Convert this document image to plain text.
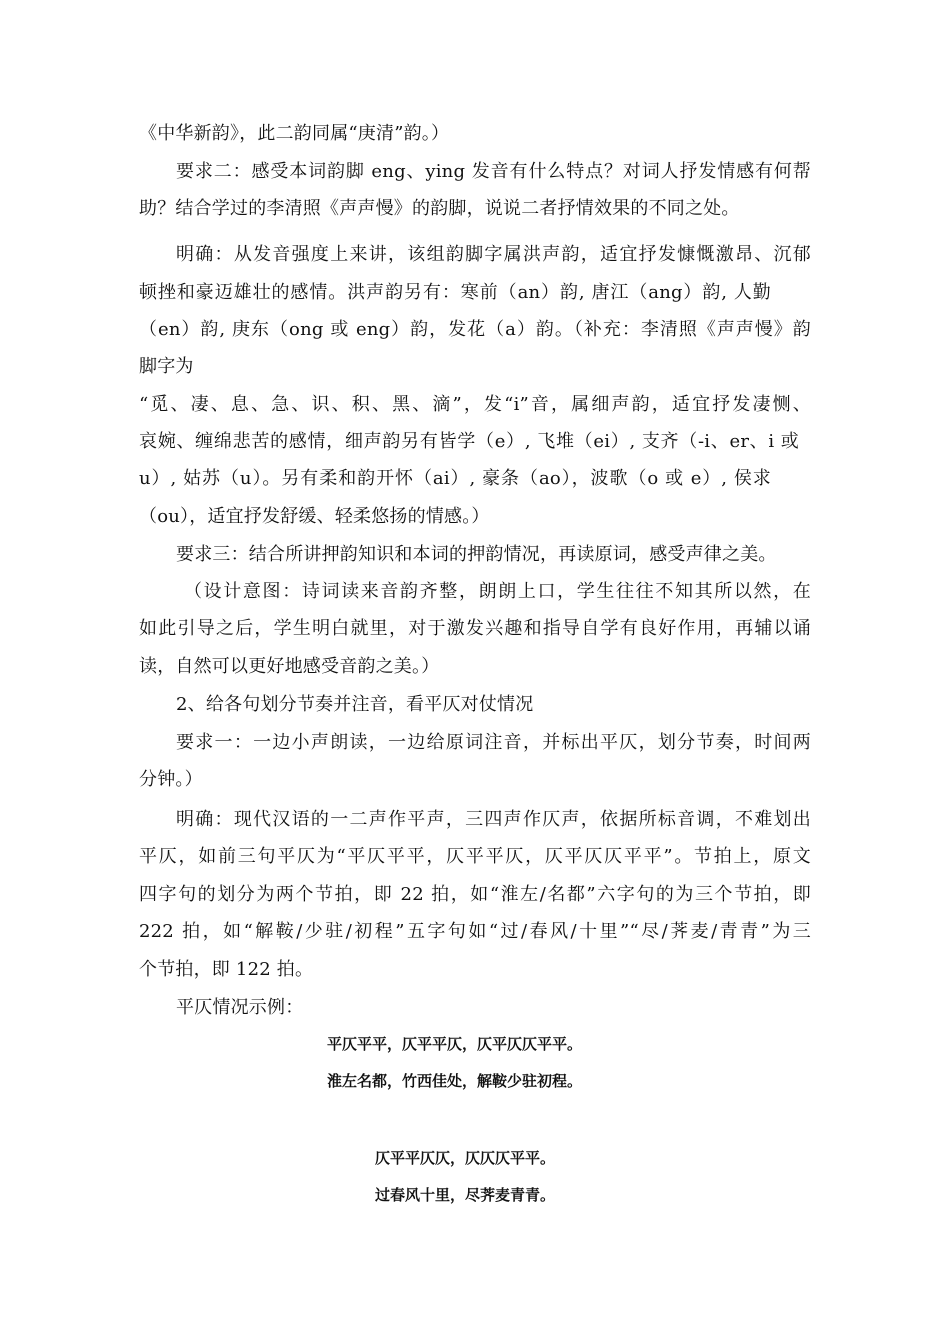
《中华新韵》，此二韵同属“庚清”韵。）
要求二：感受本词韵脚 eng、ying 发音有什么特点？对词人抒发情感有何帮
助？结合学过的李清照《声声慢》的韵脚，说说二者抒情效果的不同之处。
明确：从发音强度上来讲，该组韵脚字属洪声韵，适宜抒发慷慨激昂、沉郁
顿挫和豪迈雄壮的感情。洪声韵另有：寒前（an）韵, 唐江（ang）韵, 人勤
（en）韵, 庚东（ong 或 eng）韵，发花（a）韵。（补充：李清照《声声慢》韵
脚字为
“觅、凄、息、急、识、积、黑、滴”，发“i”音，属细声韵，适宜抒发凄恻、
哀婉、缠绵悲苦的感情，细声韵另有皆学（e）, 飞堆（ei）, 支齐（-i、er、i 或
u）, 姑苏（u）。另有柔和韵开怀（ai）, 豪条（ao），波歌（o 或 e）, 侯求
（ou），适宜抒发舒缓、轻柔悠扬的情感。）
要求三：结合所讲押韵知识和本词的押韵情况，再读原词，感受声律之美。
（设计意图：诗词读来音韵齐整，朗朗上口，学生往往不知其所以然，在
如此引导之后，学生明白就里，对于激发兴趣和指导自学有良好作用，再辅以诵
读，自然可以更好地感受音韵之美。）
2、给各句划分节奏并注音，看平仄对仗情况
要求一：一边小声朗读，一边给原词注音，并标出平仄，划分节奏，时间两
分钟。）
明确：现代汉语的一二声作平声，三四声作仄声，依据所标音调，不难划出
平仄，如前三句平仄为“平仄平平，仄平平仄，仄平仄仄平平”。节拍上，原文
四字句的划分为两个节拍，即 22 拍，如“淮左/名都”六字句的为三个节拍，即
222 拍，如“解鞍/少驻/初程”五字句如“过/春风/十里”“尽/荠麦/青青”为三
个节拍，即 122 拍。
平仄情况示例：
平仄平平，仄平平仄，仄平仄仄平平。
淮左名都，竹西佳处，解鞍少驻初程。
仄平平仄仄，仄仄仄平平。
过春风十里，尽荠麦青青。
